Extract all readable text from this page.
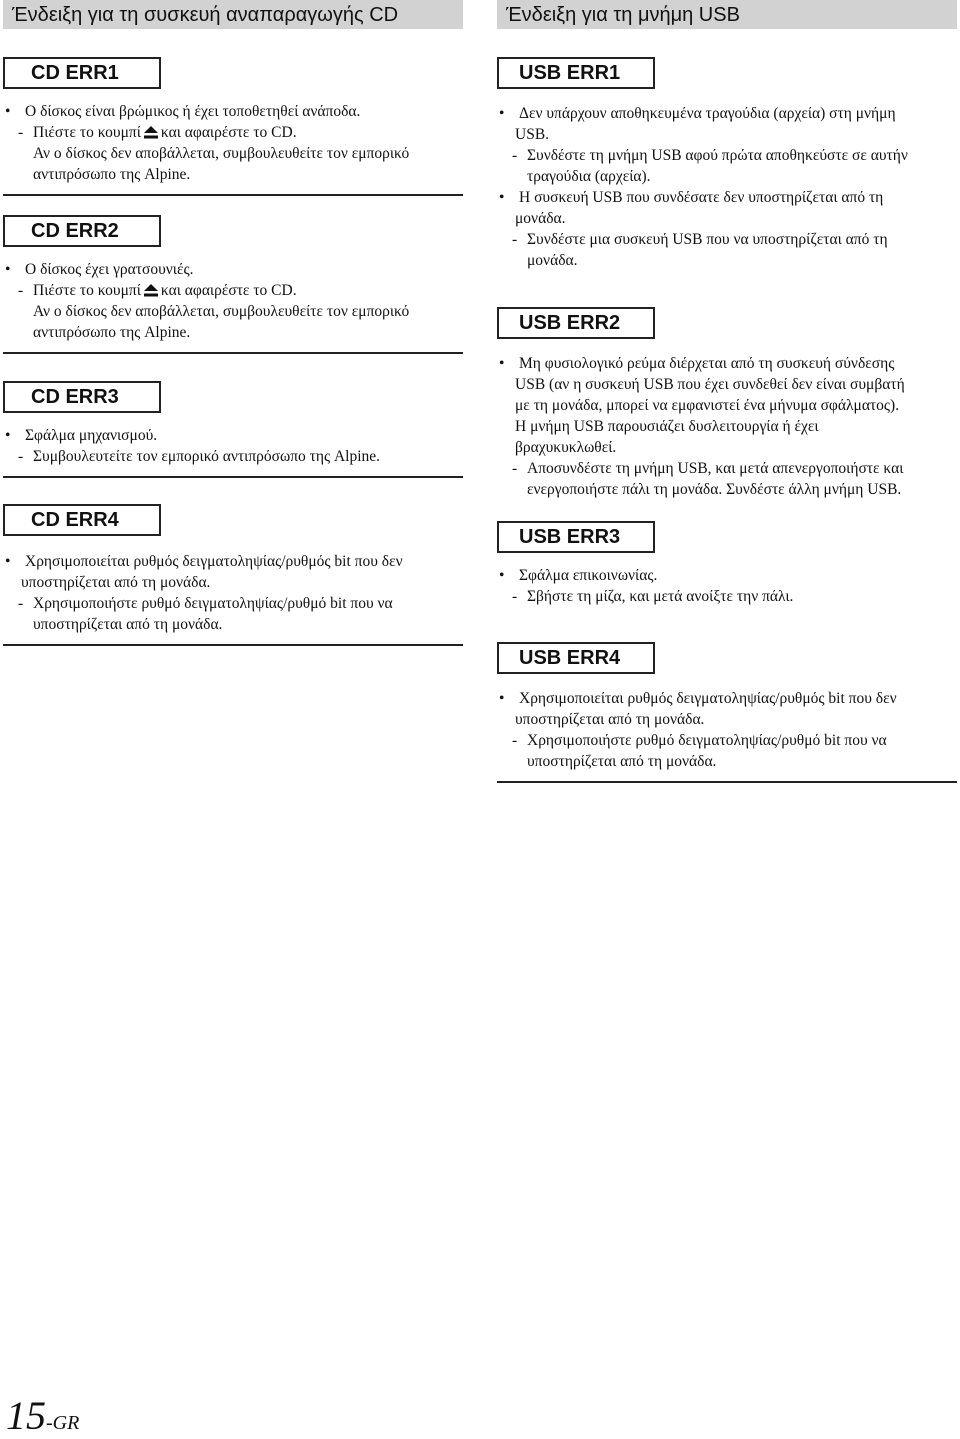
Ένδειξη για τη συσκευή αναπαραγωγής CD
CD ERR1
• Ο δίσκος είναι βρώμικος ή έχει τοποθετηθεί ανάποδα.
- Πιέστε το κουμπί και αφαιρέστε το CD.
Αν ο δίσκος δεν αποβάλλεται, συμβουλευθείτε τον εμπορικό
αντιπρόσωπο της Alpine.
CD ERR2
• Ο δίσκος έχει γρατσουνιές.
- Πιέστε το κουμπί και αφαιρέστε το CD.
Αν ο δίσκος δεν αποβάλλεται, συμβουλευθείτε τον εμπορικό
αντιπρόσωπο της Alpine.
CD ERR3
• Σφάλμα μηχανισμού.
- Συμβουλευτείτε τον εμπορικό αντιπρόσωπο της Alpine.
CD ERR4
• Χρησιμοποιείται ρυθμός δειγματοληψίας/ρυθμός bit που δεν
υποστηρίζεται από τη μονάδα.
- Χρησιμοποιήστε ρυθμό δειγματοληψίας/ρυθμό bit που να
υποστηρίζεται από τη μονάδα.
Ένδειξη για τη μνήμη USB
USB ERR1
• Δεν υπάρχουν αποθηκευμένα τραγούδια (αρχεία) στη μνήμη
USB.
- Συνδέστε τη μνήμη USB αφού πρώτα αποθηκεύστε σε αυτήν
τραγούδια (αρχεία).
• Η συσκευή USB που συνδέσατε δεν υποστηρίζεται από τη
μονάδα.
- Συνδέστε μια συσκευή USB που να υποστηρίζεται από τη
μονάδα.
USB ERR2
• Μη φυσιολογικό ρεύμα διέρχεται από τη συσκευή σύνδεσης
USB (αν η συσκευή USB που έχει συνδεθεί δεν είναι συμβατή
με τη μονάδα, μπορεί να εμφανιστεί ένα μήνυμα σφάλματος).
Η μνήμη USB παρουσιάζει δυσλειτουργία ή έχει
βραχυκυκλωθεί.
- Αποσυνδέστε τη μνήμη USB, και μετά απενεργοποιήστε και
ενεργοποιήστε πάλι τη μονάδα. Συνδέστε άλλη μνήμη USB.
USB ERR3
• Σφάλμα επικοινωνίας.
- Σβήστε τη μίζα, και μετά ανοίξτε την πάλι.
USB ERR4
• Χρησιμοποιείται ρυθμός δειγματοληψίας/ρυθμός bit που δεν
υποστηρίζεται από τη μονάδα.
- Χρησιμοποιήστε ρυθμό δειγματοληψίας/ρυθμό bit που να
υποστηρίζεται από τη μονάδα.
15-GR
